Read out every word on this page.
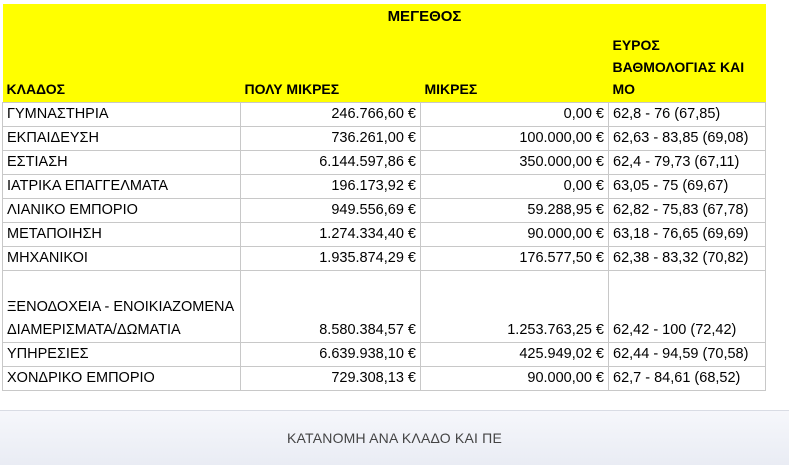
	ΜΕΓΕΘΟΣ		
ΚΛΑΔΟΣ	ΠΟΛΥ ΜΙΚΡΕΣ	ΜΙΚΡΕΣ	ΕΥΡΟΣ ΒΑΘΜΟΛΟΓΙΑΣ ΚΑΙ ΜΟ
ΓΥΜΝΑΣΤΗΡΙΑ	246.766,60 €	0,00 €	62,8 - 76 (67,85)
ΕΚΠΑΙΔΕΥΣΗ	736.261,00 €	100.000,00 €	62,63 - 83,85 (69,08)
ΕΣΤΙΑΣΗ	6.144.597,86 €	350.000,00 €	62,4 - 79,73 (67,11)
ΙΑΤΡΙΚΑ ΕΠΑΓΓΕΛΜΑΤΑ	196.173,92 €	0,00 €	63,05 - 75 (69,67)
ΛΙΑΝΙΚΟ ΕΜΠΟΡΙΟ	949.556,69 €	59.288,95 €	62,82 - 75,83 (67,78)
ΜΕΤΑΠΟΙΗΣΗ	1.274.334,40 €	90.000,00 €	63,18 - 76,65 (69,69)
ΜΗΧΑΝΙΚΟΙ	1.935.874,29 €	176.577,50 €	62,38 - 83,32 (70,82)
ΞΕΝΟΔΟΧΕΙΑ - ΕΝΟΙΚΙΑΖΟΜΕΝΑ ΔΙΑΜΕΡΙΣΜΑΤΑ/ΔΩΜΑΤΙΑ	8.580.384,57 €	1.253.763,25 €	62,42 - 100 (72,42)
ΥΠΗΡΕΣΙΕΣ	6.639.938,10 €	425.949,02 €	62,44 - 94,59 (70,58)
ΧΟΝΔΡΙΚΟ ΕΜΠΟΡΙΟ	729.308,13 €	90.000,00 €	62,7 - 84,61 (68,52)
ΚΑΤΑΝΟΜΗ ΑΝΑ ΚΛΑΔΟ ΚΑΙ ΠΕ
